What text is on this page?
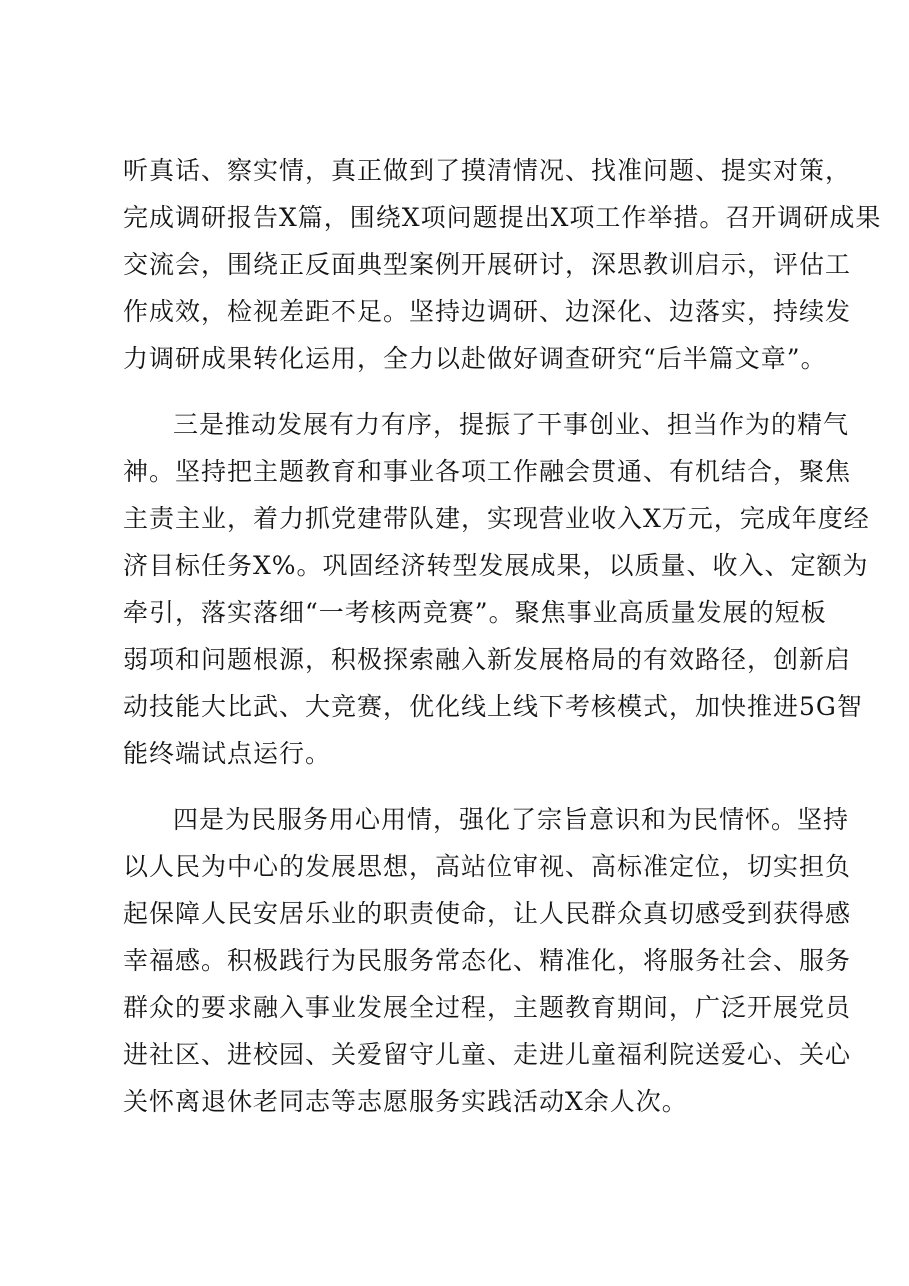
听真话、察实情，真正做到了摸清情况、找准问题、提实对策，
完成调研报告X篇，围绕X项问题提出X项工作举措。召开调研成果
交流会，围绕正反面典型案例开展研讨，深思教训启示，评估工
作成效，检视差距不足。坚持边调研、边深化、边落实，持续发
力调研成果转化运用，全力以赴做好调查研究“后半篇文章”。
三是推动发展有力有序，提振了干事创业、担当作为的精气
神。坚持把主题教育和事业各项工作融会贯通、有机结合，聚焦
主责主业，着力抓党建带队建，实现营业收入X万元，完成年度经
济目标任务X%。巩固经济转型发展成果，以质量、收入、定额为
牵引，落实落细“一考核两竞赛”。聚焦事业高质量发展的短板
弱项和问题根源，积极探索融入新发展格局的有效路径，创新启
动技能大比武、大竞赛，优化线上线下考核模式，加快推进5G智
能终端试点运行。
四是为民服务用心用情，强化了宗旨意识和为民情怀。坚持
以人民为中心的发展思想，高站位审视、高标准定位，切实担负
起保障人民安居乐业的职责使命，让人民群众真切感受到获得感
幸福感。积极践行为民服务常态化、精准化，将服务社会、服务
群众的要求融入事业发展全过程，主题教育期间，广泛开展党员
进社区、进校园、关爱留守儿童、走进儿童福利院送爱心、关心
关怀离退休老同志等志愿服务实践活动X余人次。
